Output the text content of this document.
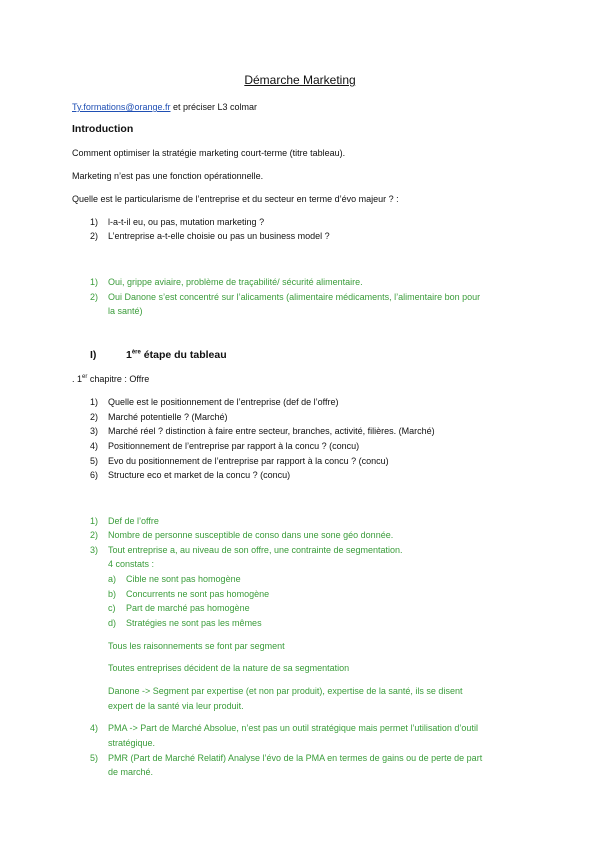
Démarche Marketing
Ty.formations@orange.fr et préciser L3 colmar
Introduction
Comment optimiser la stratégie marketing court-terme (titre tableau).
Marketing n’est pas une fonction opérationnelle.
Quelle est le particularisme de l’entreprise et du secteur en terme d’évo majeur ? :
1) l-a-t-il eu, ou pas, mutation marketing ?
2) L’entreprise a-t-elle choisie ou pas un business model ?
1) Oui, grippe aviaire, problème de traçabilité/ sécurité alimentaire.
2) Oui Danone s’est concentré sur l’alicaments (alimentaire médicaments, l’alimentaire bon pour
la santé)
I)	1ère étape du tableau
. 1er chapitre : Offre
1) Quelle est le positionnement de l’entreprise (def de l’offre)
2) Marché potentielle ? (Marché)
3) Marché réel ? distinction à faire entre secteur, branches, activité, filières. (Marché)
4) Positionnement de l’entreprise par rapport à la concu ? (concu)
5) Evo du positionnement de l’entreprise par rapport à la concu ? (concu)
6) Structure eco et market de la concu ? (concu)
1) Def de l’offre
2) Nombre de personne susceptible de conso dans une sone géo donnée.
3) Tout entreprise a, au niveau de son offre, une contrainte de segmentation.
4 constats :
a) Cible ne sont pas homogène
b) Concurrents ne sont pas homogène
c) Part de marché pas homogène
d) Stratégies ne sont pas les mêmes
Tous les raisonnements se font par segment
Toutes entreprises décident de la nature de sa segmentation
Danone -> Segment par expertise (et non par produit), expertise de la santé, ils se disent
expert de la santé via leur produit.
4) PMA -> Part de Marché Absolue, n’est pas un outil stratégique mais permet l’utilisation d’outil
stratégique.
5) PMR (Part de Marché Relatif) Analyse l’évo de la PMA en termes de gains ou de perte de part
de marché.
